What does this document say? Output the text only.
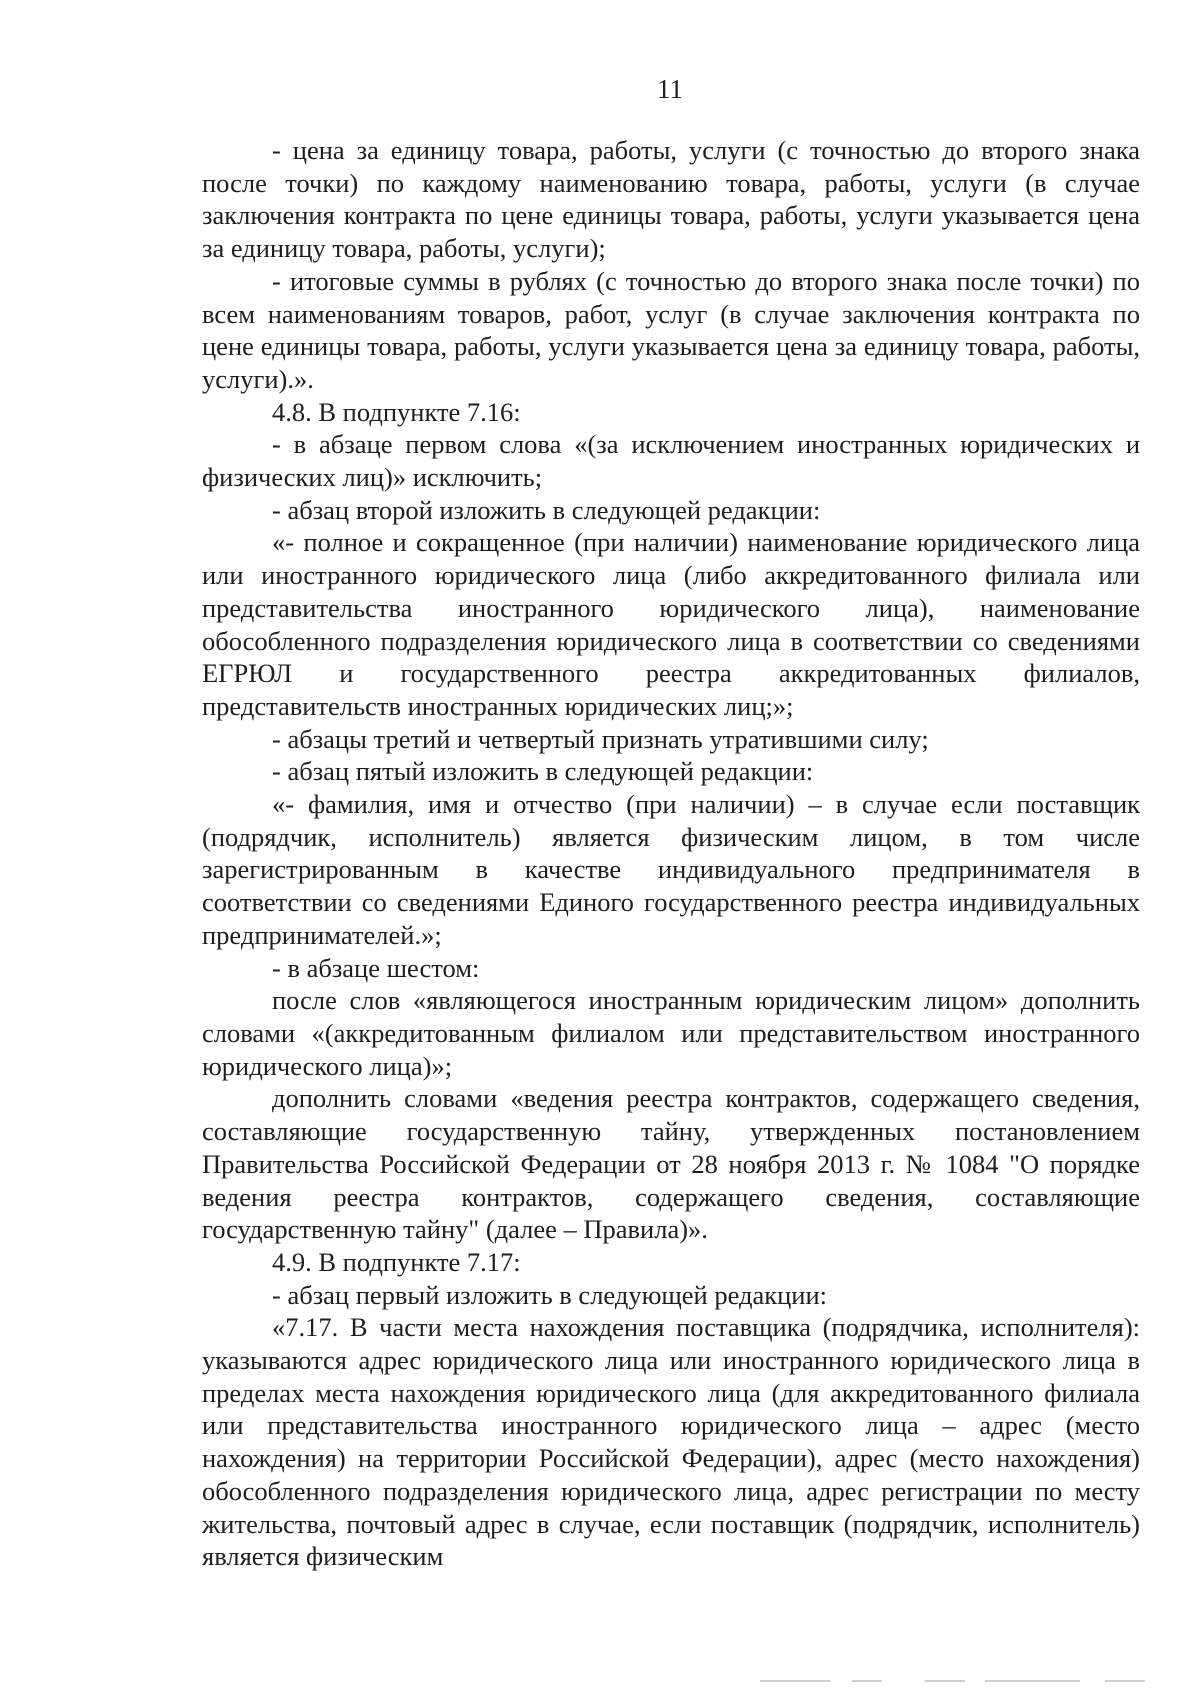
11

- цена за единицу товара, работы, услуги (с точностью до второго знака после точки) по каждому наименованию товара, работы, услуги (в случае заключения контракта по цене единицы товара, работы, услуги указывается цена за единицу товара, работы, услуги);

- итоговые суммы в рублях (с точностью до второго знака после точки) по всем наименованиям товаров, работ, услуг (в случае заключения контракта по цене единицы товара, работы, услуги указывается цена за единицу товара, работы, услуги).».

4.8. В подпункте 7.16:

- в абзаце первом слова «(за исключением иностранных юридических и физических лиц)» исключить;

- абзац второй изложить в следующей редакции:

«- полное и сокращенное (при наличии) наименование юридического лица или иностранного юридического лица (либо аккредитованного филиала или представительства иностранного юридического лица), наименование обособленного подразделения юридического лица в соответствии со сведениями ЕГРЮЛ и государственного реестра аккредитованных филиалов, представительств иностранных юридических лиц;»;

- абзацы третий и четвертый признать утратившими силу;

- абзац пятый изложить в следующей редакции:

«- фамилия, имя и отчество (при наличии) – в случае если поставщик (подрядчик, исполнитель) является физическим лицом, в том числе зарегистрированным в качестве индивидуального предпринимателя в соответствии со сведениями Единого государственного реестра индивидуальных предпринимателей.»;

- в абзаце шестом:

после слов «являющегося иностранным юридическим лицом» дополнить словами «(аккредитованным филиалом или представительством иностранного юридического лица)»;

дополнить словами «ведения реестра контрактов, содержащего сведения, составляющие государственную тайну, утвержденных постановлением Правительства Российской Федерации от 28 ноября 2013 г. № 1084 "О порядке ведения реестра контрактов, содержащего сведения, составляющие государственную тайну" (далее – Правила)».

4.9. В подпункте 7.17:

- абзац первый изложить в следующей редакции:

«7.17. В части места нахождения поставщика (подрядчика, исполнителя): указываются адрес юридического лица или иностранного юридического лица в пределах места нахождения юридического лица (для аккредитованного филиала или представительства иностранного юридического лица – адрес (место нахождения) на территории Российской Федерации), адрес (место нахождения) обособленного подразделения юридического лица, адрес регистрации по месту жительства, почтовый адрес в случае, если поставщик (подрядчик, исполнитель) является физическим
